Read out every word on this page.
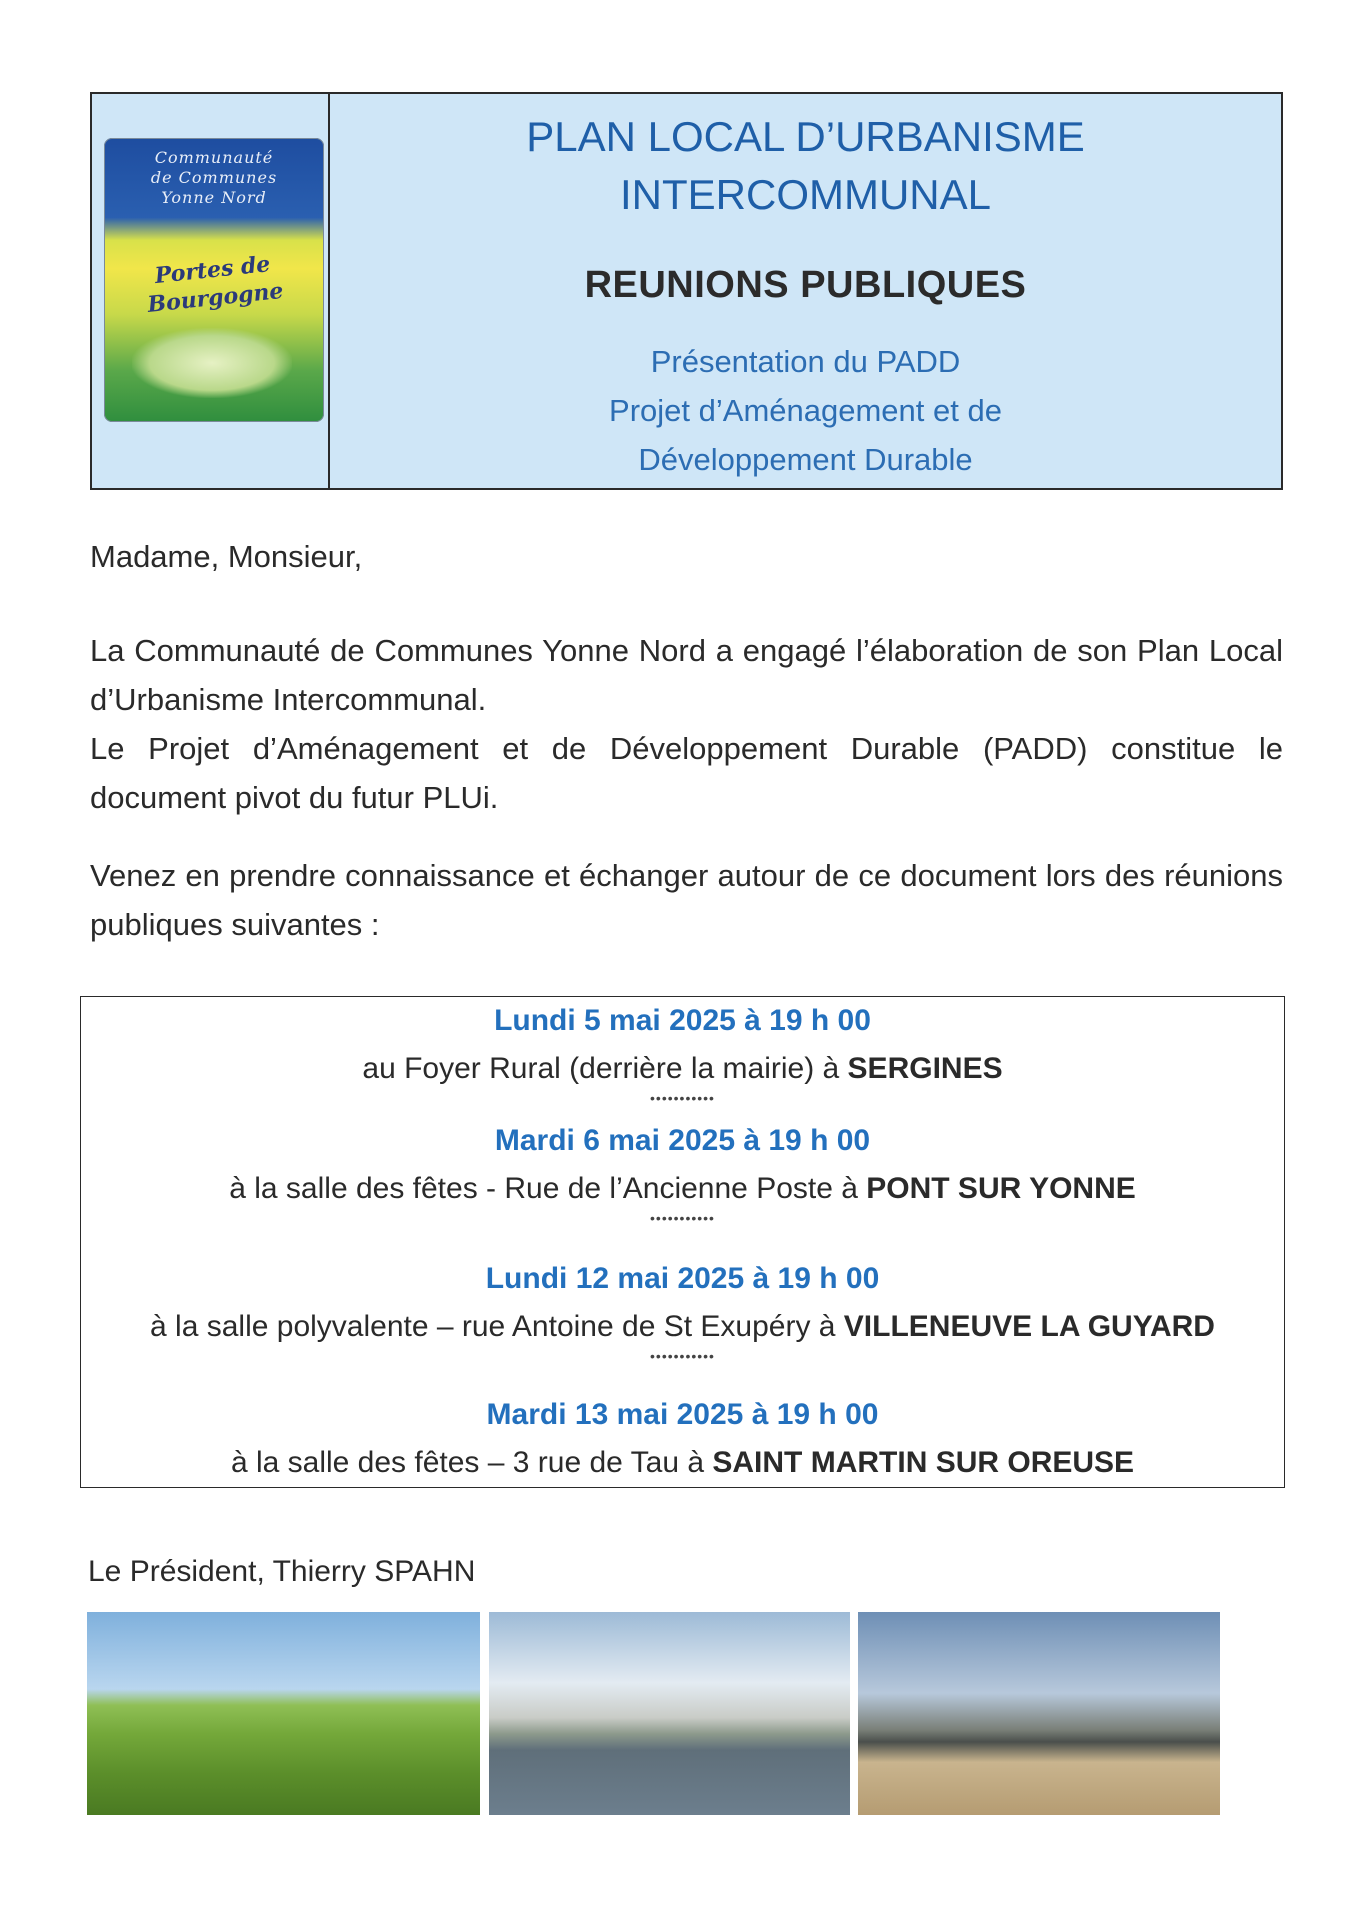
Communauté
de Communes
Yonne Nord
Portes de
Bourgogne

PLAN LOCAL D’URBANISME

INTERCOMMUNAL

REUNIONS PUBLIQUES
Présentation du PADD
Projet d’Aménagement et de
Développement Durable
Madame, Monsieur,
La Communauté de Communes Yonne Nord a engagé l’élaboration de son Plan Local d’Urbanisme Intercommunal.
Le Projet d’Aménagement et de Développement Durable (PADD) constitue le document pivot du futur PLUi.
Venez en prendre connaissance et échanger autour de ce document lors des réunions publiques suivantes :
Lundi 5 mai 2025 à 19 h 00
au Foyer Rural (derrière la mairie) à SERGINES
•••••••••••
Mardi 6 mai 2025 à 19 h 00
à la salle des fêtes - Rue de l’Ancienne Poste à PONT SUR YONNE
•••••••••••
Lundi 12 mai 2025 à 19 h 00
à la salle polyvalente – rue Antoine de St Exupéry à VILLENEUVE LA GUYARD
•••••••••••
Mardi 13 mai 2025 à 19 h 00
à la salle des fêtes – 3 rue de Tau à SAINT MARTIN SUR OREUSE
Le Président, Thierry SPAHN
